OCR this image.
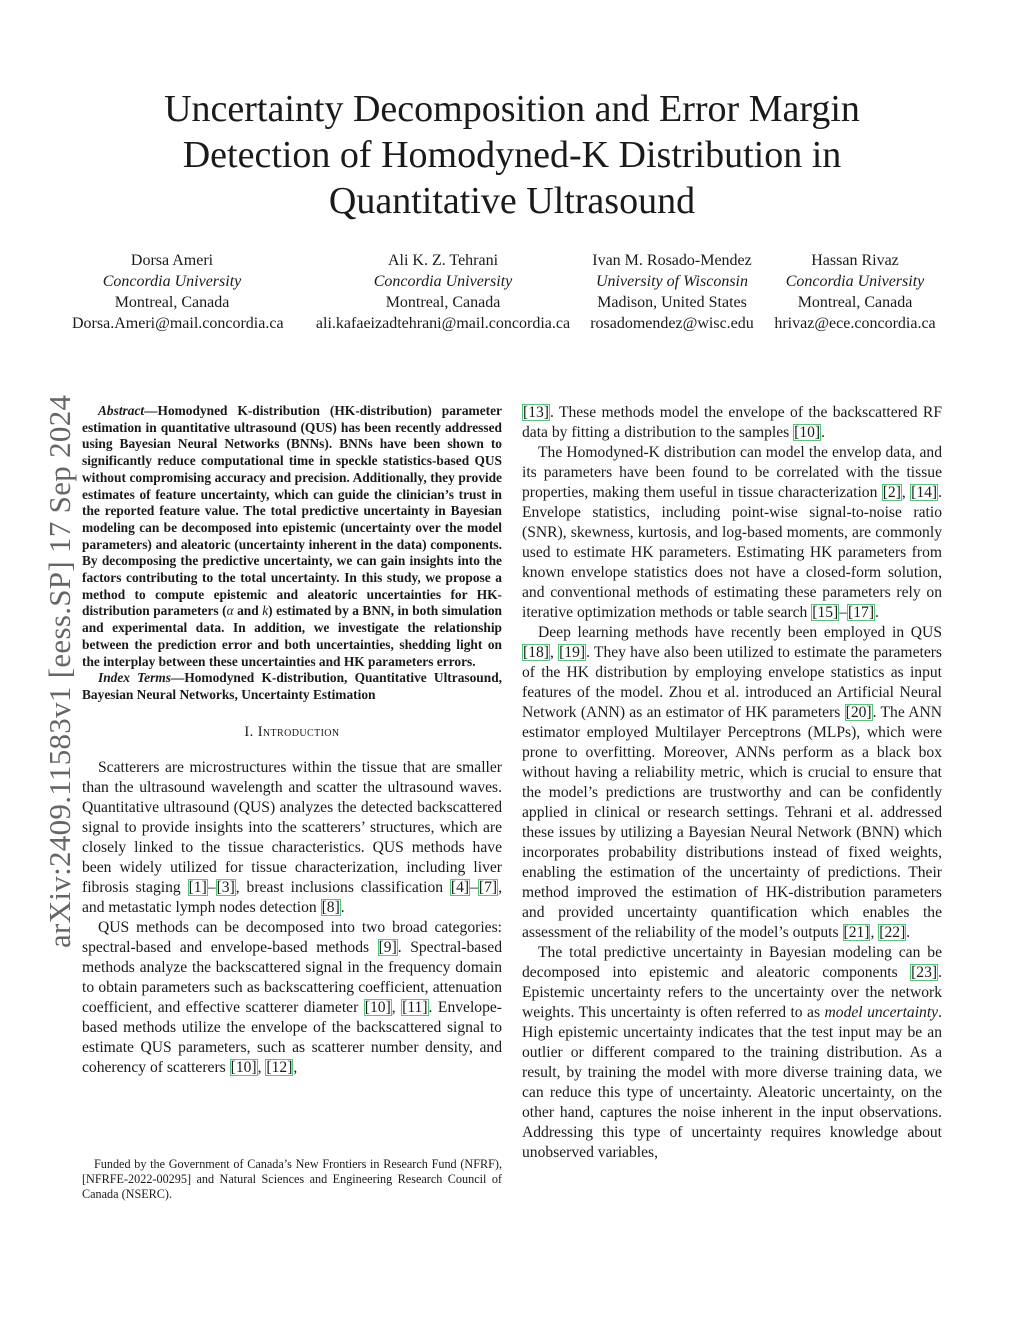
Uncertainty Decomposition and Error Margin
Detection of Homodyned-K Distribution in
Quantitative Ultrasound
Dorsa Ameri
Concordia University
Montreal, Canada
Dorsa.Ameri@mail.concordia.ca
Ali K. Z. Tehrani
Concordia University
Montreal, Canada
ali.kafaeizadtehrani@mail.concordia.ca
Ivan M. Rosado-Mendez
University of Wisconsin
Madison, United States
rosadomendez@wisc.edu
Hassan Rivaz
Concordia University
Montreal, Canada
hrivaz@ece.concordia.ca
arXiv:2409.11583v1 [eess.SP] 17 Sep 2024	Abstract—Homodyned K-distribution (HK-distribution) parameter estimation in quantitative ultrasound (QUS) has been recently addressed using Bayesian Neural Networks (BNNs). BNNs have been shown to significantly reduce computational time in speckle statistics-based QUS without compromising accuracy and precision. Additionally, they provide estimates of feature uncertainty, which can guide the clinician’s trust in the reported feature value. The total predictive uncertainty in Bayesian modeling can be decomposed into epistemic (uncertainty over the model parameters) and aleatoric (uncertainty inherent in the data) components. By decomposing the predictive uncertainty, we can gain insights into the factors contributing to the total uncertainty. In this study, we propose a method to compute epistemic and aleatoric uncertainties for HK-distribution parameters (α and k) estimated by a BNN, in both simulation and experimental data. In addition, we investigate the relationship between the prediction error and both uncertainties, shedding light on the interplay between these uncertainties and HK parameters errors.

Index Terms—Homodyned K-distribution, Quantitative Ultrasound, Bayesian Neural Networks, Uncertainty Estimation

I. Introduction

Scatterers are microstructures within the tissue that are smaller than the ultrasound wavelength and scatter the ultrasound waves. Quantitative ultrasound (QUS) analyzes the detected backscattered signal to provide insights into the scatterers’ structures, which are closely linked to the tissue characteristics. QUS methods have been widely utilized for tissue characterization, including liver fibrosis staging [1]–[3], breast inclusions classification [4]–[7], and metastatic lymph nodes detection [8].

QUS methods can be decomposed into two broad categories: spectral-based and envelope-based methods [9]. Spectral-based methods analyze the backscattered signal in the frequency domain to obtain parameters such as backscattering coefficient, attenuation coefficient, and effective scatterer diameter [10], [11]. Envelope-based methods utilize the envelope of the backscattered signal to estimate QUS parameters, such as scatterer number density, and coherency of scatterers [10], [12],

Funded by the Government of Canada’s New Frontiers in Research Fund (NFRF), [NFRFE-2022-00295] and Natural Sciences and Engineering Research Council of Canada (NSERC).

[13]. These methods model the envelope of the backscattered RF data by fitting a distribution to the samples [10].

The Homodyned-K distribution can model the envelop data, and its parameters have been found to be correlated with the tissue properties, making them useful in tissue characterization [2], [14]. Envelope statistics, including point-wise signal-to-noise ratio (SNR), skewness, kurtosis, and log-based moments, are commonly used to estimate HK parameters. Estimating HK parameters from known envelope statistics does not have a closed-form solution, and conventional methods of estimating these parameters rely on iterative optimization methods or table search [15]–[17].

Deep learning methods have recently been employed in QUS [18], [19]. They have also been utilized to estimate the parameters of the HK distribution by employing envelope statistics as input features of the model. Zhou et al. introduced an Artificial Neural Network (ANN) as an estimator of HK parameters [20]. The ANN estimator employed Multilayer Perceptrons (MLPs), which were prone to overfitting. Moreover, ANNs perform as a black box without having a reliability metric, which is crucial to ensure that the model’s predictions are trustworthy and can be confidently applied in clinical or research settings. Tehrani et al. addressed these issues by utilizing a Bayesian Neural Network (BNN) which incorporates probability distributions instead of fixed weights, enabling the estimation of the uncertainty of predictions. Their method improved the estimation of HK-distribution parameters and provided uncertainty quantification which enables the assessment of the reliability of the model’s outputs [21], [22].

The total predictive uncertainty in Bayesian modeling can be decomposed into epistemic and aleatoric components [23]. Epistemic uncertainty refers to the uncertainty over the network weights. This uncertainty is often referred to as model uncertainty. High epistemic uncertainty indicates that the test input may be an outlier or different compared to the training distribution. As a result, by training the model with more diverse training data, we can reduce this type of uncertainty. Aleatoric uncertainty, on the other hand, captures the noise inherent in the input observations. Addressing this type of uncertainty requires knowledge about unobserved variables,
